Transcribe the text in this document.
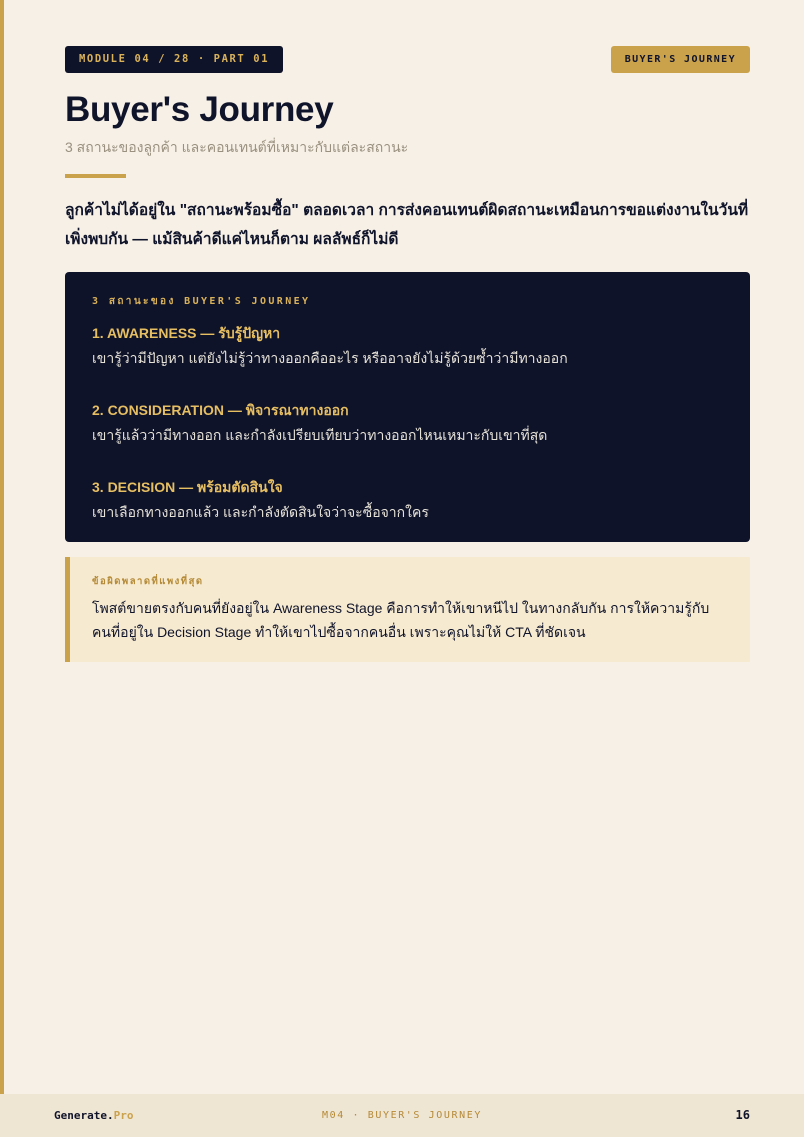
MODULE 04 / 28 · PART 01	BUYER'S JOURNEY
Buyer's Journey
3 สถานะของลูกค้า และคอนเทนต์ที่เหมาะกับแต่ละสถานะ

ลูกค้าไม่ได้อยู่ใน "สถานะพร้อมซื้อ" ตลอดเวลา การส่งคอนเทนต์ผิดสถานะเหมือนการขอแต่งงานในวันที่เพิ่งพบกัน — แม้สินค้าดีแค่ไหนก็ตาม ผลลัพธ์ก็ไม่ดี

3 สถานะของ BUYER'S JOURNEY
1. AWARENESS — รับรู้ปัญหา
เขารู้ว่ามีปัญหา แต่ยังไม่รู้ว่าทางออกคืออะไร หรืออาจยังไม่รู้ด้วยซ้ำว่ามีทางออก
2. CONSIDERATION — พิจารณาทางออก
เขารู้แล้วว่ามีทางออก และกำลังเปรียบเทียบว่าทางออกไหนเหมาะกับเขาที่สุด
3. DECISION — พร้อมตัดสินใจ
เขาเลือกทางออกแล้ว และกำลังตัดสินใจว่าจะซื้อจากใคร
ข้อผิดพลาดที่แพงที่สุด
โพสต์ขายตรงกับคนที่ยังอยู่ใน Awareness Stage คือการทำให้เขาหนีไป ในทางกลับกัน การให้ความรู้กับคนที่อยู่ใน Decision Stage ทำให้เขาไปซื้อจากคนอื่น เพราะคุณไม่ให้ CTA ที่ชัดเจน
Generate.Pro	M04 · BUYER'S JOURNEY	16
